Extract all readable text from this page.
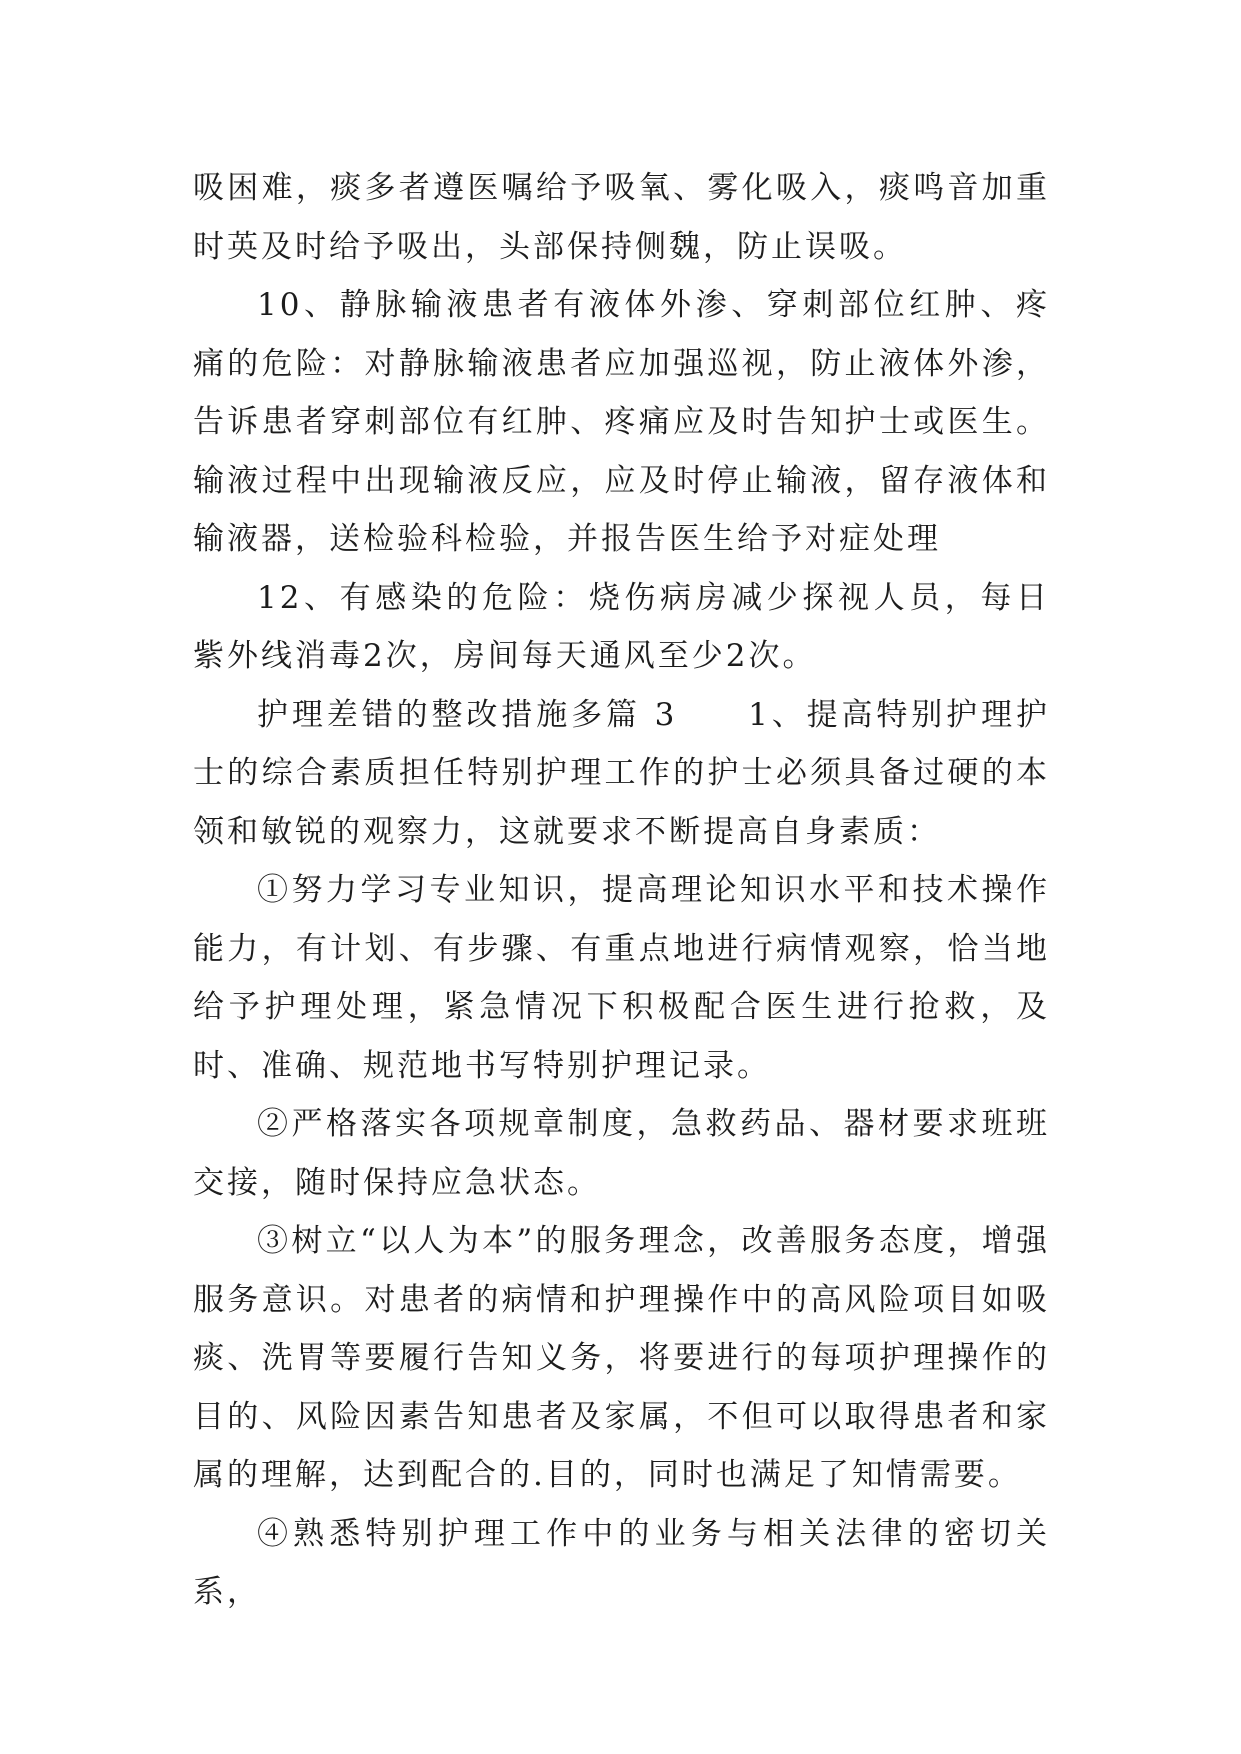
吸困难，痰多者遵医嘱给予吸氧、雾化吸入，痰鸣音加重时英及时给予吸出，头部保持侧魏，防止误吸。

10、静脉输液患者有液体外渗、穿刺部位红肿、疼痛的危险：对静脉输液患者应加强巡视，防止液体外渗，告诉患者穿刺部位有红肿、疼痛应及时告知护士或医生。输液过程中出现输液反应，应及时停止输液，留存液体和输液器，送检验科检验，并报告医生给予对症处理

12、有感染的危险：烧伤病房减少探视人员，每日紫外线消毒2次，房间每天通风至少2次。

护理差错的整改措施多篇 3　　1、提高特别护理护士的综合素质担任特别护理工作的护士必须具备过硬的本领和敏锐的观察力，这就要求不断提高自身素质：

①努力学习专业知识，提高理论知识水平和技术操作能力，有计划、有步骤、有重点地进行病情观察，恰当地给予护理处理，紧急情况下积极配合医生进行抢救，及时、准确、规范地书写特别护理记录。

②严格落实各项规章制度，急救药品、器材要求班班交接，随时保持应急状态。

③树立“以人为本”的服务理念，改善服务态度，增强服务意识。对患者的病情和护理操作中的高风险项目如吸痰、洗胃等要履行告知义务，将要进行的每项护理操作的目的、风险因素告知患者及家属，不但可以取得患者和家属的理解，达到配合的.目的，同时也满足了知情需要。

④熟悉特别护理工作中的业务与相关法律的密切关系，
